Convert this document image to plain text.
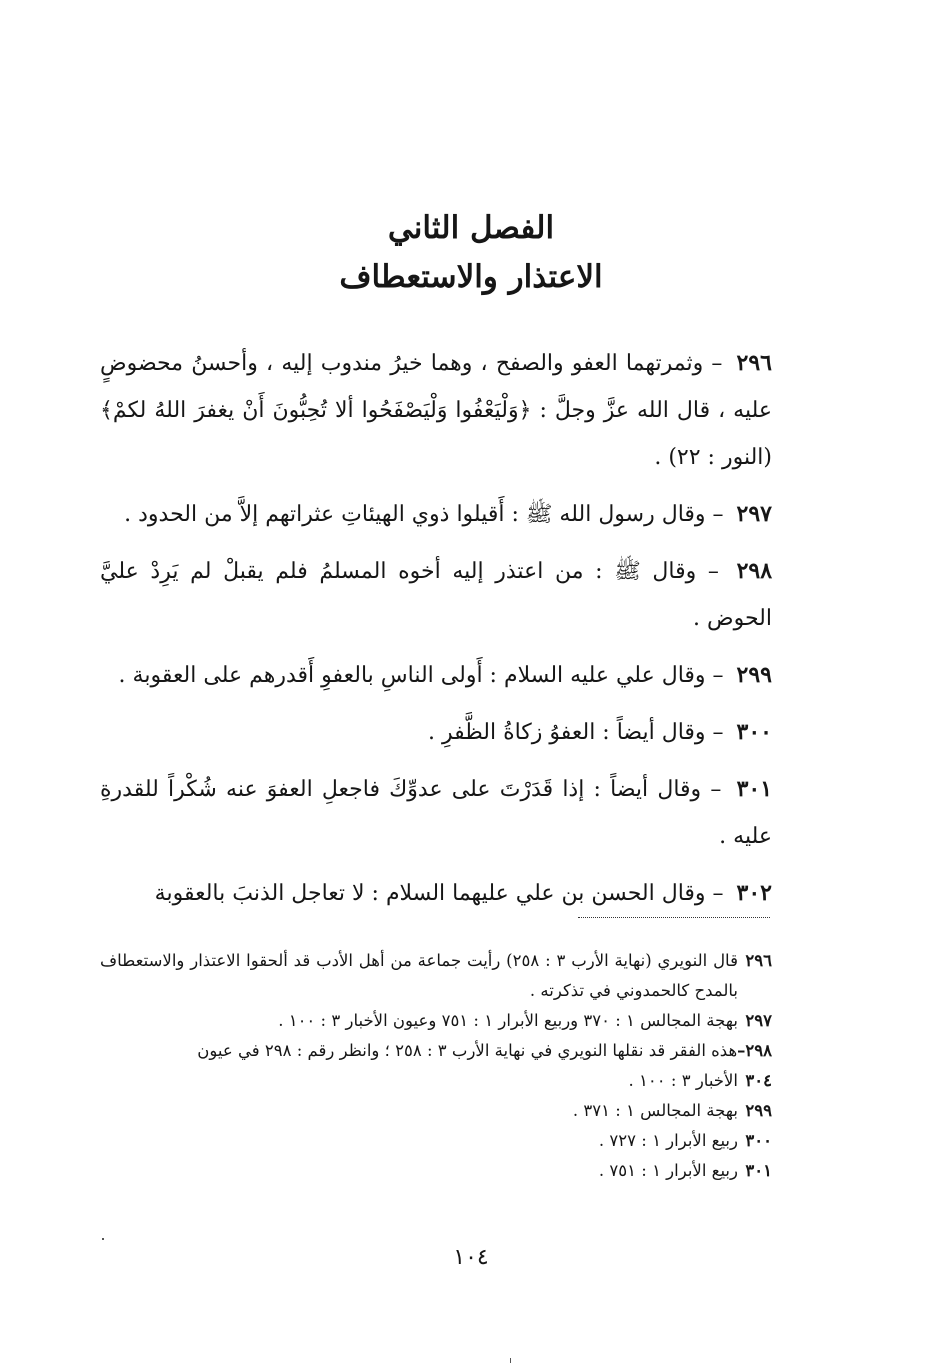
الفصل الثاني
الاعتذار والاستعطاف

٢٩٦ – وثمرتهما العفو والصفح ، وهما خيرُ مندوب إليه ، وأحسنُ محضوضٍ عليه ، قال الله عزَّ وجلَّ : ﴿وَلْيَعْفُوا وَلْيَصْفَحُوا ألا تُحِبُّونَ أَنْ يغفرَ اللهُ لكمْ﴾ (النور : ٢٢) .

٢٩٧ – وقال رسول الله ﷺ : أَقيلوا ذوي الهيئاتِ عثراتهم إلاَّ من الحدود .

٢٩٨ – وقال ﷺ : من اعتذر إليه أخوه المسلمُ فلم يقبلْ لم يَرِدْ عليَّ الحوض .

٢٩٩ – وقال علي عليه السلام : أَولى الناسِ بالعفوِ أَقدرهم على العقوبة .

٣٠٠ – وقال أيضاً : العفوُ زكاةُ الظَّفرِ .

٣٠١ – وقال أيضاً : إذا قَدَرْتَ على عدوِّكَ فاجعلِ العفوَ عنه شُكْراً للقدرةِ عليه .

٣٠٢ – وقال الحسن بن علي عليهما السلام : لا تعاجل الذنبَ بالعقوبة

٢٩٦
قال النويري (نهاية الأرب ٣ : ٢٥٨) رأيت جماعة من أهل الأدب قد ألحقوا الاعتذار والاستعطاف بالمدح كالحمدوني في تذكرته .
٢٩٧
بهجة المجالس ١ : ٣٧٠ وربيع الأبرار ١ : ٧٥١ وعيون الأخبار ٣ : ١٠٠ .
٢٩٨–
هذه الفقر قد نقلها النويري في نهاية الأرب ٣ : ٢٥٨ ؛ وانظر رقم : ٢٩٨ في عيون
٣٠٤
الأخبار ٣ : ١٠٠ .
٢٩٩
بهجة المجالس ١ : ٣٧١ .
٣٠٠
ربيع الأبرار ١ : ٧٢٧ .
٣٠١
ربيع الأبرار ١ : ٧٥١ .
١٠٤
